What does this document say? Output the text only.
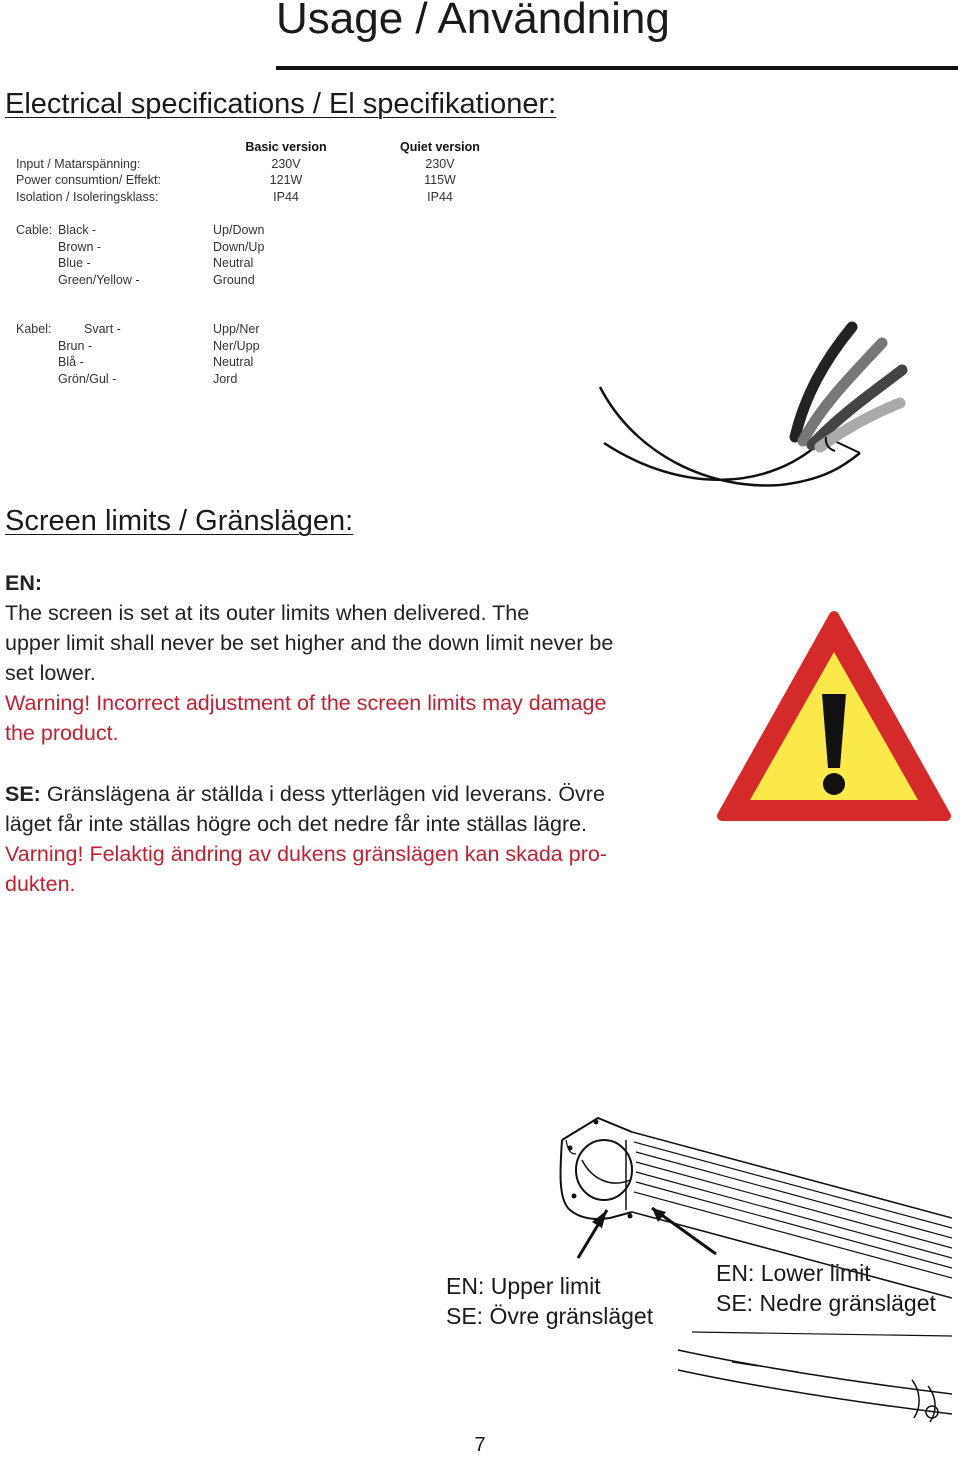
Usage / Användning
Electrical specifications / El specifikationer:

Input / Matarspänning:
Power consumtion/ Effekt:
Isolation / Isoleringsklass:
Basic version
230V
121W
IP44
Quiet version
230V
115W
IP44
Cable: Black -
Brown -
Blue -
Green/Yellow -
Up/Down
Down/Up
Neutral
Ground
Kabel:	Svart -
Brun -
Blå -
Grön/Gul -
Upp/Ner
Ner/Upp
Neutral
Jord
Screen limits / Gränslägen:
EN:
The screen is set at its outer limits when delivered. The
upper limit shall never be set higher and the down limit never be
set lower.
Warning! Incorrect adjustment of the screen limits may damage
the product.
SE: Gränslägena är ställda i dess ytterlägen vid leverans. Övre
läget får inte ställas högre och det nedre får inte ställas lägre.
Varning! Felaktig ändring av dukens gränslägen kan skada pro-
dukten.
EN: Upper limit
SE: Övre gränsläget
EN: Lower limit
SE: Nedre gränsläget
7
